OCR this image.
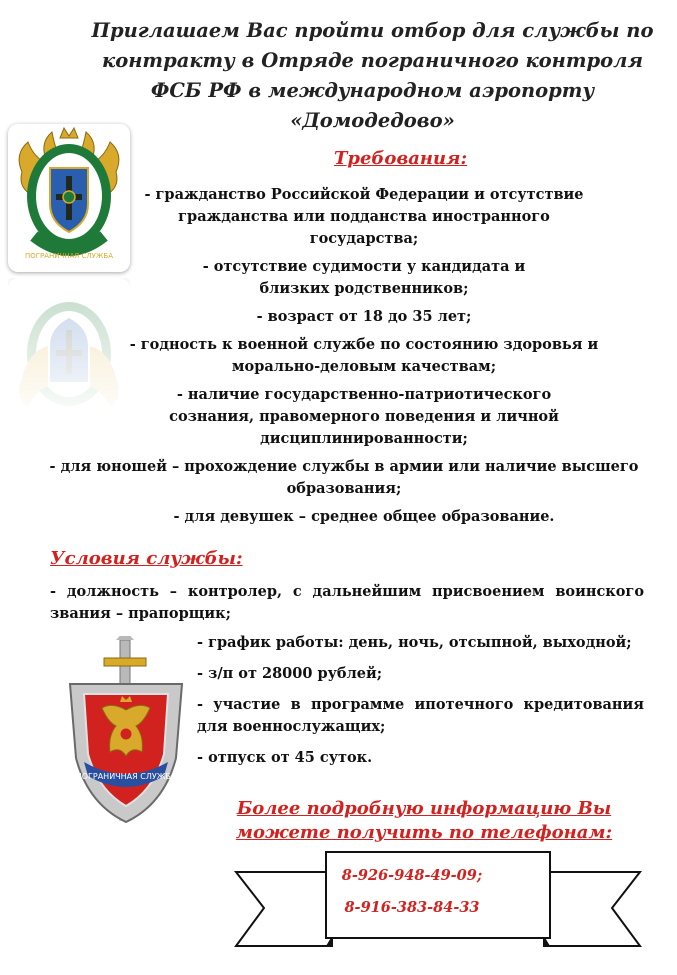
Приглашаем Вас пройти отбор для службы по
контракту в Отряде пограничного контроля
ФСБ РФ в международном аэропорту
«Домодедово»
ПОГРАНИЧНАЯ СЛУЖБА
Требования:
- гражданство Российской Федерации и отсутствие гражданства или подданства иностранного государства;
- отсутствие судимости у кандидата и близких родственников;
- возраст от 18 до 35 лет;
- годность к военной службе по состоянию здоровья и морально-деловым качествам;
- наличие государственно-патриотического сознания, правомерного поведения и личной дисциплинированности;
- для юношей – прохождение службы в армии или наличие высшего образования;
- для девушек – среднее общее образование.
Условия службы:
- должность – контролер, с дальнейшим присвоением воинского звания – прапорщик;
ПОГРАНИЧНАЯ СЛУЖБА
- график работы: день, ночь, отсыпной, выходной;
- з/п от 28000 рублей;
- участие в программе ипотечного кредитования для военнослужащих;
- отпуск от 45 суток.
Более подробную информацию Вы
можете получить по телефонам:
8-926-948-49-09;
8-916-383-84-33
